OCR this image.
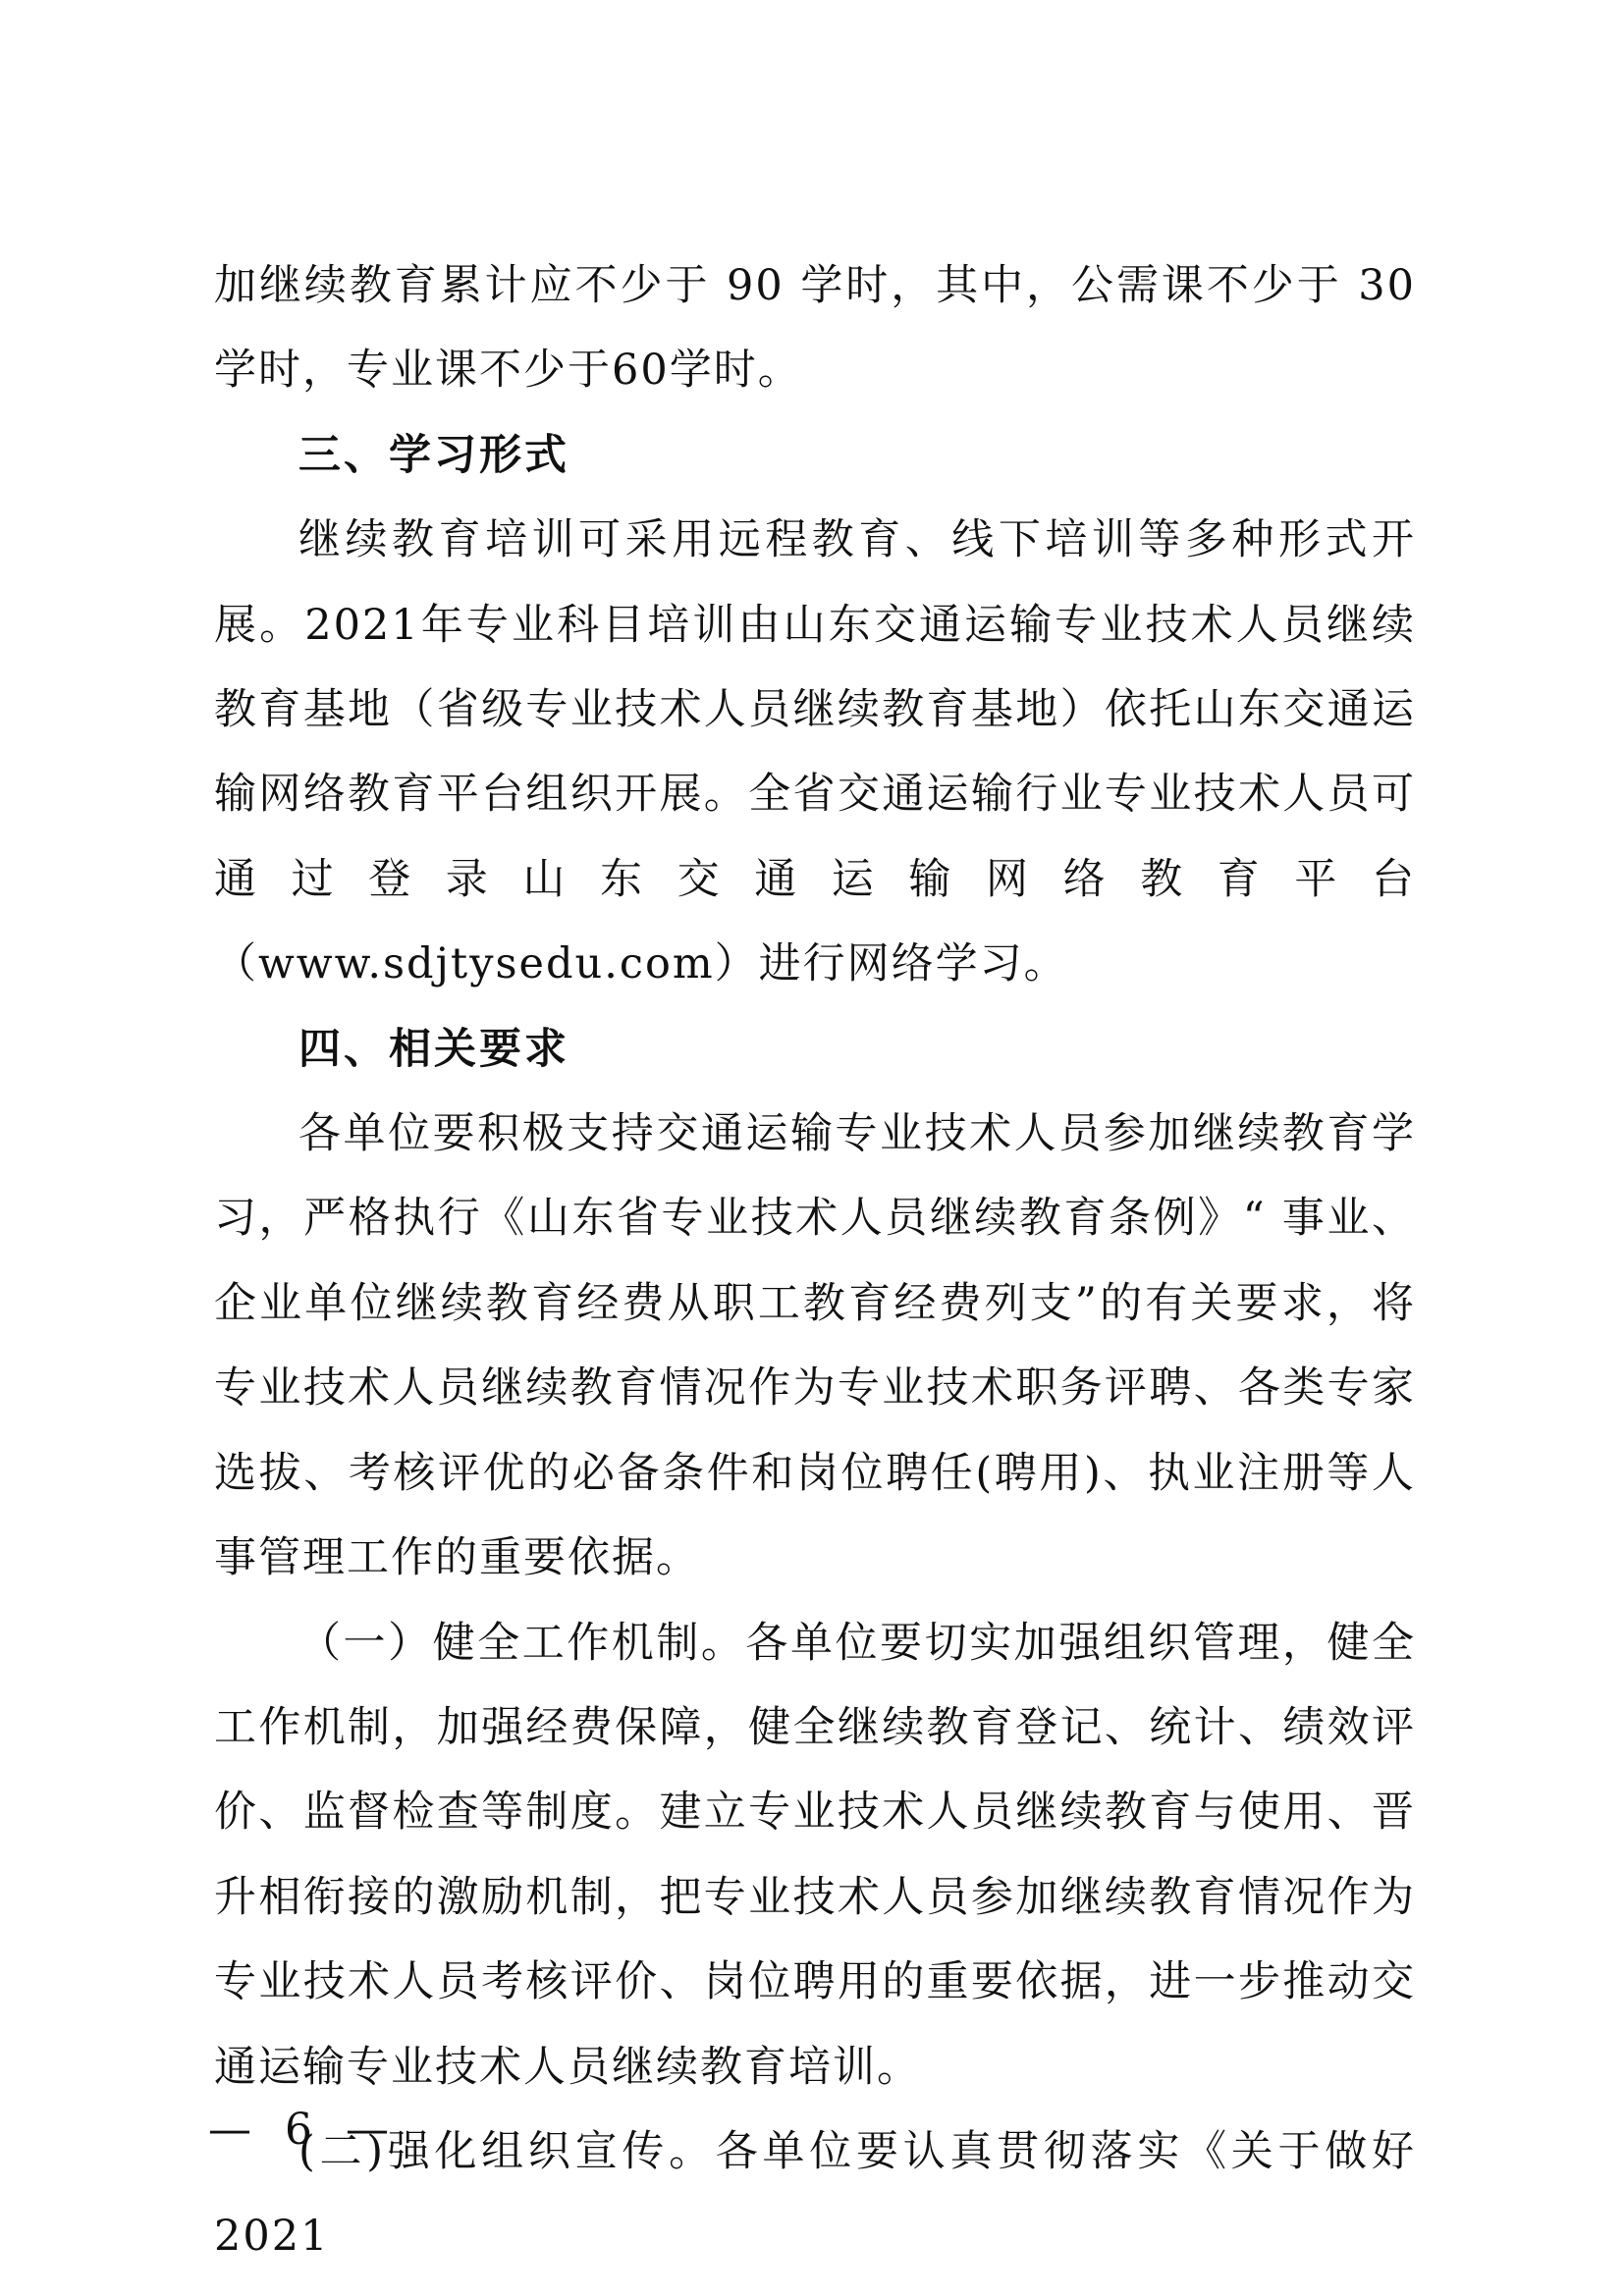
加继续教育累计应不少于 90 学时，其中，公需课不少于 30 学时，专业课不少于60学时。

三、学习形式

继续教育培训可采用远程教育、线下培训等多种形式开展。2021年专业科目培训由山东交通运输专业技术人员继续教育基地（省级专业技术人员继续教育基地）依托山东交通运输网络教育平台组织开展。全省交通运输行业专业技术人员可通过登录山东交通运输网络教育平台（www.sdjtysedu.com）进行网络学习。

四、相关要求

各单位要积极支持交通运输专业技术人员参加继续教育学习，严格执行《山东省专业技术人员继续教育条例》“ 事业、企业单位继续教育经费从职工教育经费列支”的有关要求，将专业技术人员继续教育情况作为专业技术职务评聘、各类专家选拔、考核评优的必备条件和岗位聘任(聘用)、执业注册等人事管理工作的重要依据。

（一）健全工作机制。各单位要切实加强组织管理，健全工作机制，加强经费保障，健全继续教育登记、统计、绩效评价、监督检查等制度。建立专业技术人员继续教育与使用、晋升相衔接的激励机制，把专业技术人员参加继续教育情况作为专业技术人员考核评价、岗位聘用的重要依据，进一步推动交通运输专业技术人员继续教育培训。

(二)强化组织宣传。各单位要认真贯彻落实《关于做好 2021

— 6 —
